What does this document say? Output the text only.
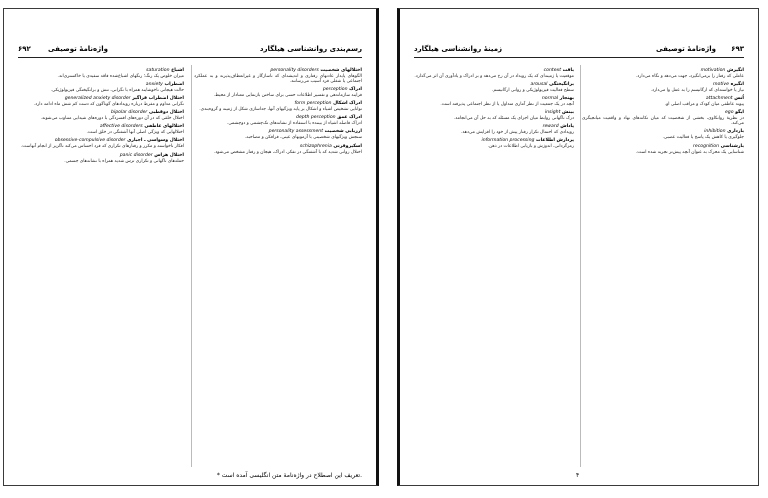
۶۹۲	رسم‌بندی روانشناسی هیلگارد
واژه‌نامهٔ توصیفی
اختلالهای شخصیت personality disorders

الگوهای پایدار عادتهای رفتاری و اندیشه‌ای که ناسازگار و غیرانعطاف‌پذیرند و به عملکرد اجتماعی یا شغلی فرد آسیب می‌رسانند.

ادراک perception

فرایند سازماندهی و تفسیر اطلاعات حسی برای ساختن بازنمایی معنادار از محیط.

ادراک اشکال form perception

توانایی تشخیص اشیاء و اشکال بر پایه ویژگیهای آنها، جداسازی شکل از زمینه و گروه‌بندی.

ادراک عمق depth perception

ادراک فاصله اشیاء از بیننده با استفاده از نشانه‌های تک‌چشمی و دوچشمی.

ارزیابی شخصیت personality assessment

سنجش ویژگیهای شخصیتی با آزمونهای عینی، فرافکن و مصاحبه.

اسکیزوفرنی schizophrenia

اختلال روانی شدید که با آشفتگی در تفکر، ادراک، هیجان و رفتار مشخص می‌شود.

اشباع saturation

میزان خلوص یک رنگ؛ رنگهای اشباع‌شده فاقد سفیدی یا خاکستری‌اند.

اضطراب anxiety

حالت هیجانی ناخوشایند همراه با نگرانی، تنش و برانگیختگی فیزیولوژیکی.

اختلال اضطراب فراگیر generalized anxiety disorder

نگرانی مداوم و مفرط درباره رویدادهای گوناگون که دست کم شش ماه ادامه دارد.

اختلال دوقطبی bipolar disorder

اختلال خلقی که در آن دوره‌های افسردگی با دوره‌های شیدایی متناوب می‌شوند.

اختلالهای عاطفی affective disorders

اختلالهایی که ویژگی اصلی آنها آشفتگی در خلق است.

اختلال وسواسی ـ اجباری obsessive-compulsive disorder

افکار ناخواسته و مکرر و رفتارهای تکراری که فرد احساس می‌کند ناگزیر از انجام آنهاست.

اختلال هراس panic disorder

حمله‌های ناگهانی و تکراری ترس شدید همراه با نشانه‌های جسمی.

* تعریف این اصطلاح در واژه‌نامهٔ متن انگلیسی آمده است.
زمینهٔ روانشناسی هیلگارد	۶۹۳
واژه‌نامهٔ توصیفی
انگیزش motivation

عاملی که رفتار را برمی‌انگیزد، جهت می‌دهد و نگاه می‌دارد.

انگیزه motive

نیاز یا خواسته‌ای که ارگانیسم را به عمل وا می‌دارد.

اُنس attachment

پیوند عاطفی میان کودک و مراقب اصلی او.

ایگو ego

در نظریهٔ روانکاوی، بخشی از شخصیت که میان تکانه‌های نهاد و واقعیت میانجیگری می‌کند.

بازداری inhibition

جلوگیری یا کاهش یک پاسخ یا فعالیت عصبی.

بازشناسی recognition

شناسایی یک محرک به عنوان آنچه پیش‌تر تجربه شده است.

بافت context

موقعیت یا زمینه‌ای که یک رویداد در آن رخ می‌دهد و بر ادراک و یادآوری آن اثر می‌گذارد.

برانگیختگی arousal

سطح فعالیت فیزیولوژیکی و روانی ارگانیسم.

بهنجار normal

آنچه در یک جمعیت از نظر آماری متداول یا از نظر اجتماعی پذیرفته است.

بینش insight

درک ناگهانی روابط میان اجزای یک مسئله که به حل آن می‌انجامد.

پاداش reward

رویدادی که احتمال تکرار رفتار پیش از خود را افزایش می‌دهد.

پردازش اطلاعات information processing

رمزگردانی، اندوزش و بازیابی اطلاعات در ذهن.

۴
